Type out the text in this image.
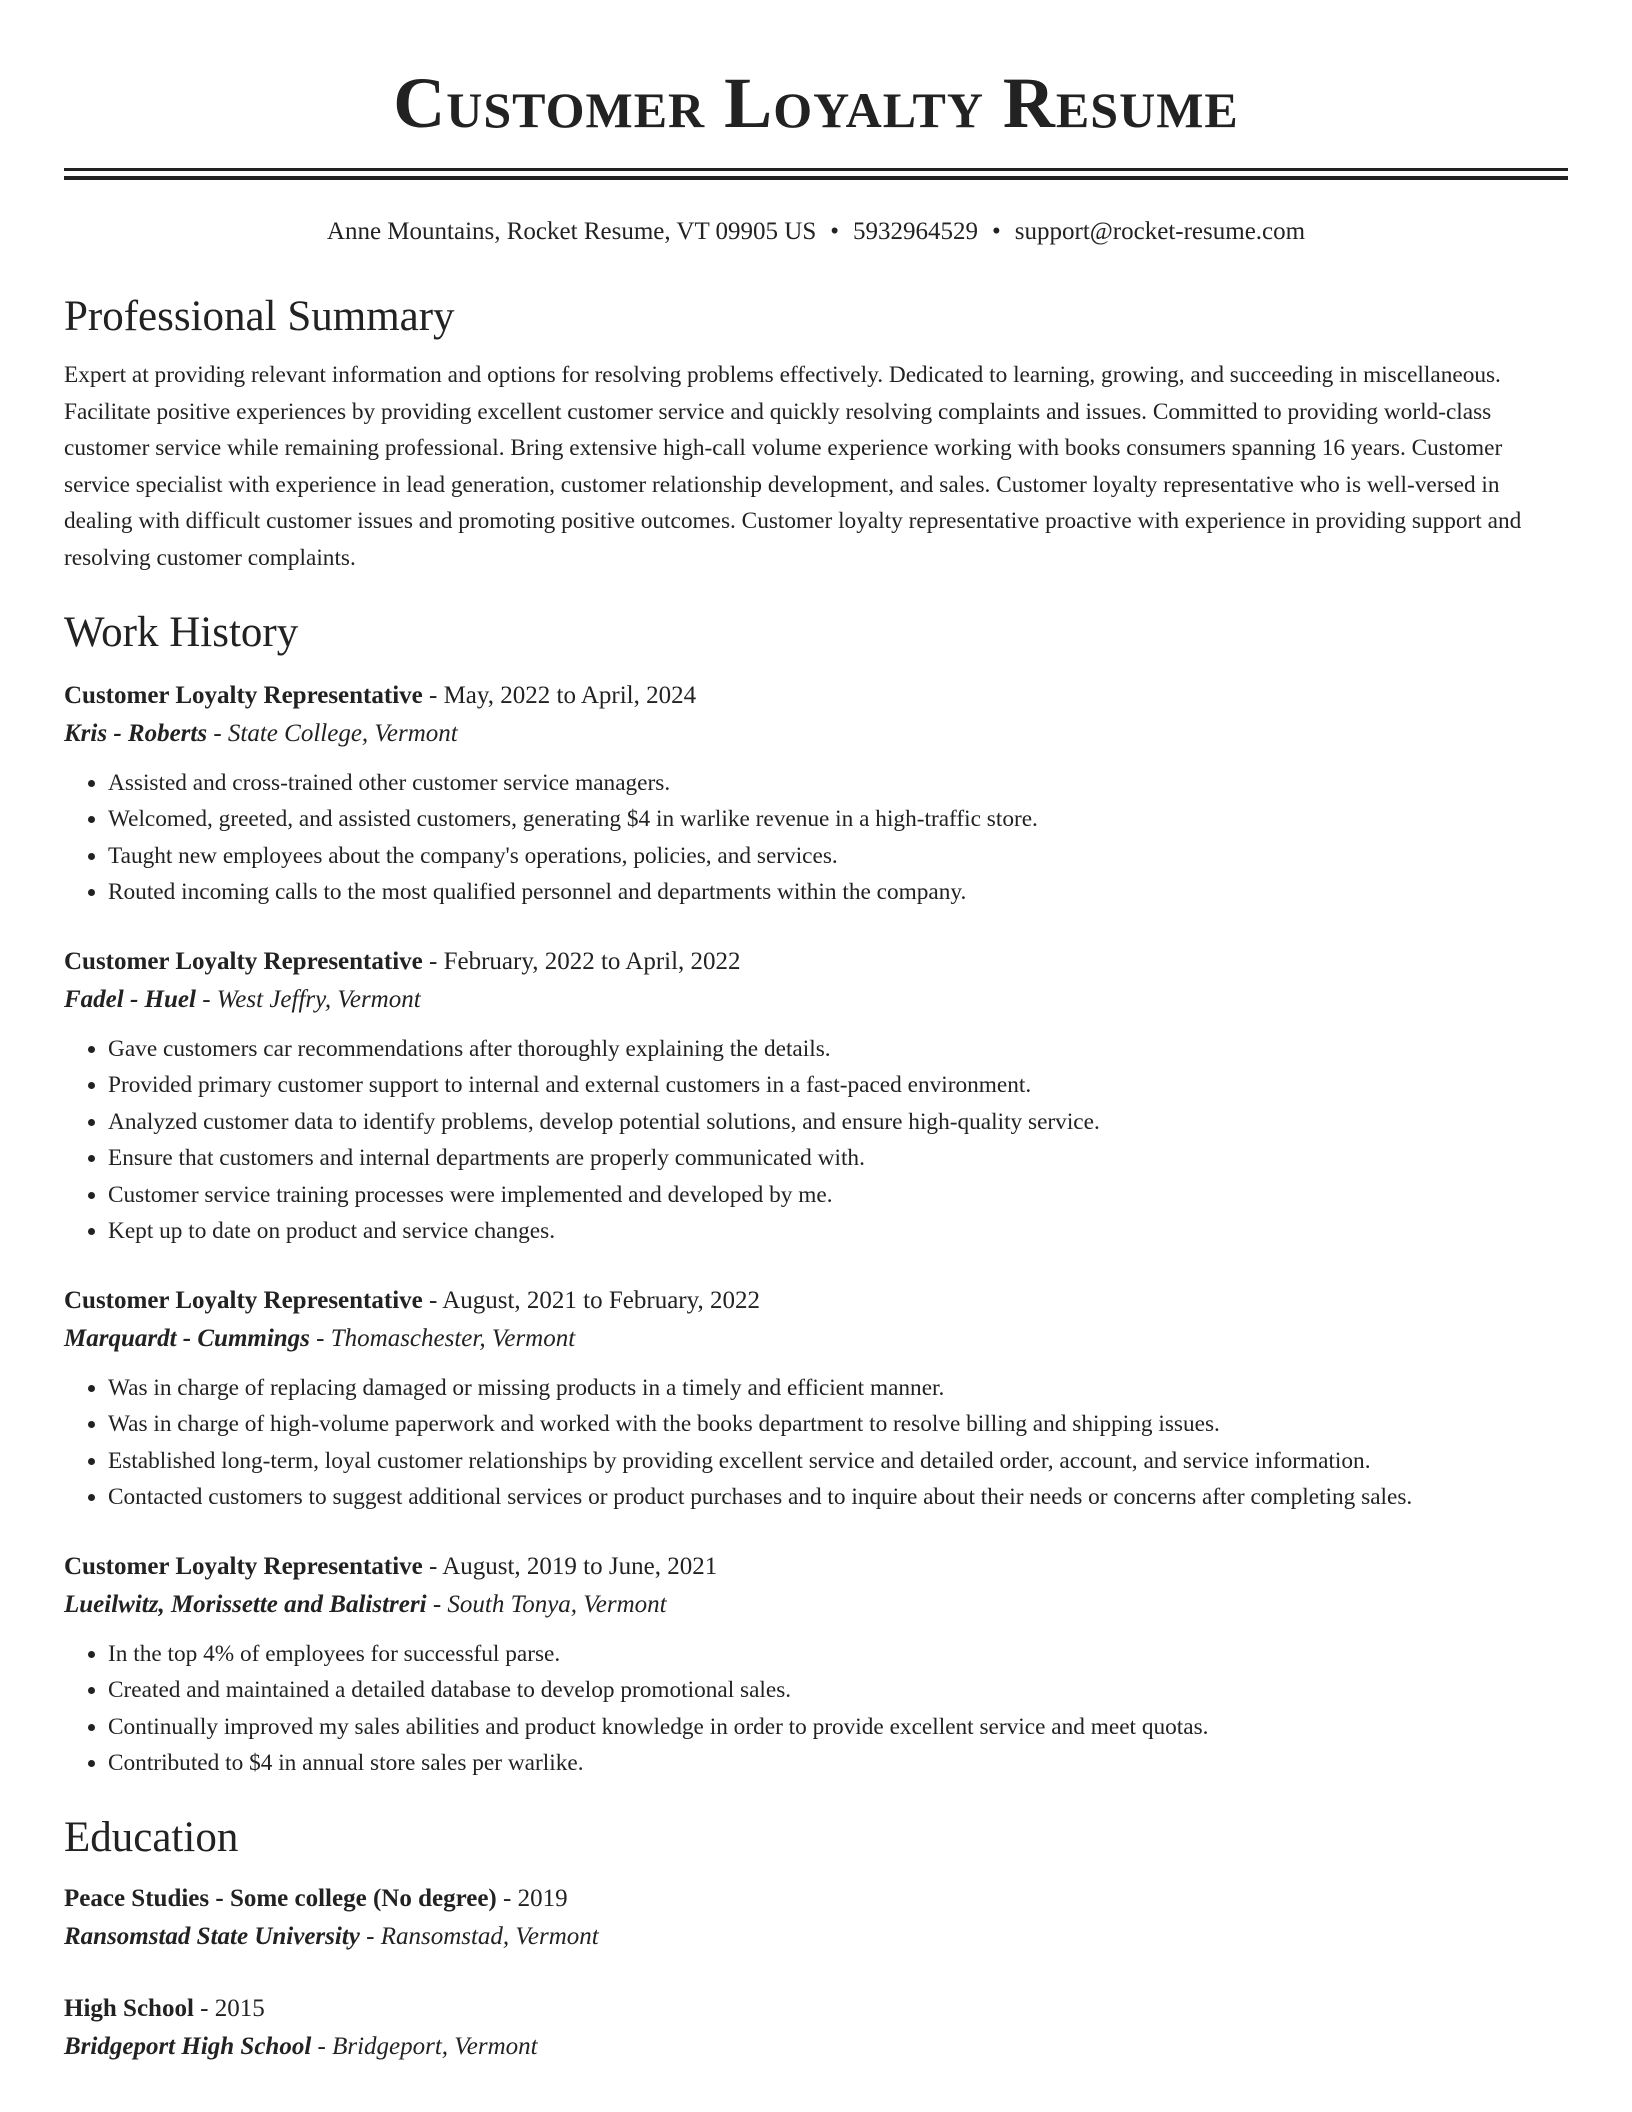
Customer Loyalty Resume
Anne Mountains, Rocket Resume, VT 09905 US • 5932964529 • support@rocket-resume.com
Professional Summary
Expert at providing relevant information and options for resolving problems effectively. Dedicated to learning, growing, and succeeding in miscellaneous. Facilitate positive experiences by providing excellent customer service and quickly resolving complaints and issues. Committed to providing world-class customer service while remaining professional. Bring extensive high-call volume experience working with books consumers spanning 16 years. Customer service specialist with experience in lead generation, customer relationship development, and sales. Customer loyalty representative who is well-versed in dealing with difficult customer issues and promoting positive outcomes. Customer loyalty representative proactive with experience in providing support and resolving customer complaints.
Work History
Customer Loyalty Representative - May, 2022 to April, 2024
Kris - Roberts - State College, Vermont
• Assisted and cross-trained other customer service managers.
• Welcomed, greeted, and assisted customers, generating $4 in warlike revenue in a high-traffic store.
• Taught new employees about the company's operations, policies, and services.
• Routed incoming calls to the most qualified personnel and departments within the company.
Customer Loyalty Representative - February, 2022 to April, 2022
Fadel - Huel - West Jeffry, Vermont
• Gave customers car recommendations after thoroughly explaining the details.
• Provided primary customer support to internal and external customers in a fast-paced environment.
• Analyzed customer data to identify problems, develop potential solutions, and ensure high-quality service.
• Ensure that customers and internal departments are properly communicated with.
• Customer service training processes were implemented and developed by me.
• Kept up to date on product and service changes.
Customer Loyalty Representative - August, 2021 to February, 2022
Marquardt - Cummings - Thomaschester, Vermont
• Was in charge of replacing damaged or missing products in a timely and efficient manner.
• Was in charge of high-volume paperwork and worked with the books department to resolve billing and shipping issues.
• Established long-term, loyal customer relationships by providing excellent service and detailed order, account, and service information.
• Contacted customers to suggest additional services or product purchases and to inquire about their needs or concerns after completing sales.
Customer Loyalty Representative - August, 2019 to June, 2021
Lueilwitz, Morissette and Balistreri - South Tonya, Vermont
• In the top 4% of employees for successful parse.
• Created and maintained a detailed database to develop promotional sales.
• Continually improved my sales abilities and product knowledge in order to provide excellent service and meet quotas.
• Contributed to $4 in annual store sales per warlike.
Education
Peace Studies - Some college (No degree) - 2019
Ransomstad State University - Ransomstad, Vermont
High School - 2015
Bridgeport High School - Bridgeport, Vermont
